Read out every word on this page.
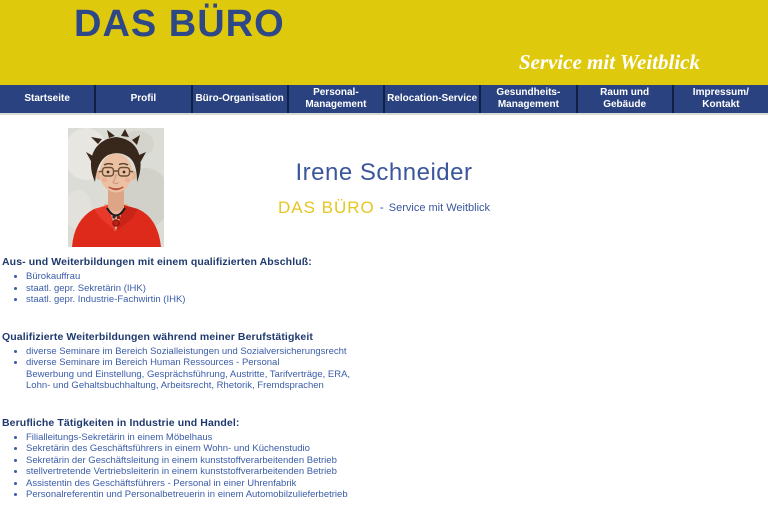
DAS BÜRO
Service mit Weitblick
Startseite	Profil	Büro-Organisation
Personal-
Management
Relocation-Service
Gesundheits-
Management
Raum und
Gebäude
Impressum/
Kontakt
Irene Schneider
DAS BÜRO - Service mit Weitblick
Aus- und Weiterbildungen mit einem qualifizierten Abschluß:
• Bürokauffrau
• staatl. gepr. Sekretärin (IHK)
• staatl. gepr. Industrie-Fachwirtin (IHK)
Qualifizierte Weiterbildungen während meiner Berufstätigkeit
• diverse Seminare im Bereich Sozialleistungen und Sozialversicherungsrecht
• diverse Seminare im Bereich Human Ressources - Personal
Bewerbung und Einstellung, Gesprächsführung, Austritte, Tarifverträge, ERA,
Lohn- und Gehaltsbuchhaltung, Arbeitsrecht, Rhetorik, Fremdsprachen
Berufliche Tätigkeiten in Industrie und Handel:
• Filialleitungs-Sekretärin in einem Möbelhaus
• Sekretärin des Geschäftsführers in einem Wohn- und Küchenstudio
• Sekretärin der Geschäftsleitung in einem kunststoffverarbeitenden Betrieb
• stellvertretende Vertriebsleiterin in einem kunststoffverarbeitenden Betrieb
• Assistentin des Geschäftsführers - Personal in einer Uhrenfabrik
• Personalreferentin und Personalbetreuerin in einem Automobilzulieferbetrieb
